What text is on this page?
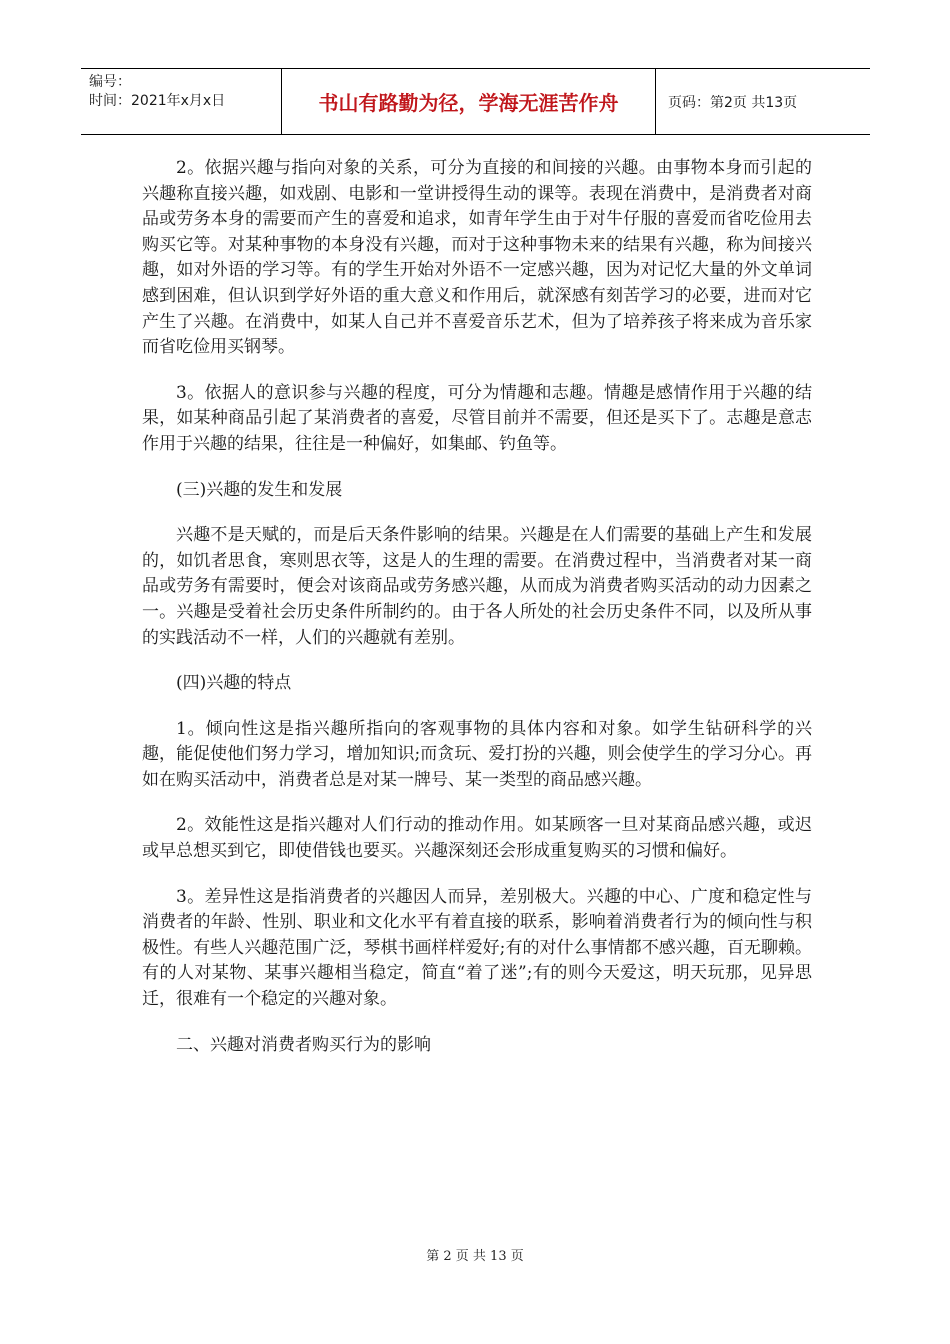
编号：
时间：2021年x月x日	书山有路勤为径，学海无涯苦作舟	页码：第2页 共13页

2。依据兴趣与指向对象的关系，可分为直接的和间接的兴趣。由事物本身而引起的兴趣称直接兴趣，如戏剧、电影和一堂讲授得生动的课等。表现在消费中，是消费者对商品或劳务本身的需要而产生的喜爱和追求，如青年学生由于对牛仔服的喜爱而省吃俭用去购买它等。对某种事物的本身没有兴趣，而对于这种事物未来的结果有兴趣，称为间接兴趣，如对外语的学习等。有的学生开始对外语不一定感兴趣，因为对记忆大量的外文单词感到困难，但认识到学好外语的重大意义和作用后，就深感有刻苦学习的必要，进而对它产生了兴趣。在消费中，如某人自己并不喜爱音乐艺术，但为了培养孩子将来成为音乐家而省吃俭用买钢琴。

3。依据人的意识参与兴趣的程度，可分为情趣和志趣。情趣是感情作用于兴趣的结果，如某种商品引起了某消费者的喜爱，尽管目前并不需要，但还是买下了。志趣是意志作用于兴趣的结果，往往是一种偏好，如集邮、钓鱼等。

(三)兴趣的发生和发展

兴趣不是天赋的，而是后天条件影响的结果。兴趣是在人们需要的基础上产生和发展的，如饥者思食，寒则思衣等，这是人的生理的需要。在消费过程中，当消费者对某一商品或劳务有需要时，便会对该商品或劳务感兴趣，从而成为消费者购买活动的动力因素之一。兴趣是受着社会历史条件所制约的。由于各人所处的社会历史条件不同，以及所从事的实践活动不一样，人们的兴趣就有差别。

(四)兴趣的特点

1。倾向性这是指兴趣所指向的客观事物的具体内容和对象。如学生钻研科学的兴趣，能促使他们努力学习，增加知识;而贪玩、爱打扮的兴趣，则会使学生的学习分心。再如在购买活动中，消费者总是对某一牌号、某一类型的商品感兴趣。

2。效能性这是指兴趣对人们行动的推动作用。如某顾客一旦对某商品感兴趣，或迟或早总想买到它，即使借钱也要买。兴趣深刻还会形成重复购买的习惯和偏好。

3。差异性这是指消费者的兴趣因人而异，差别极大。兴趣的中心、广度和稳定性与消费者的年龄、性别、职业和文化水平有着直接的联系，影响着消费者行为的倾向性与积极性。有些人兴趣范围广泛，琴棋书画样样爱好;有的对什么事情都不感兴趣，百无聊赖。有的人对某物、某事兴趣相当稳定，简直“着了迷”;有的则今天爱这，明天玩那，见异思迁，很难有一个稳定的兴趣对象。

二、兴趣对消费者购买行为的影响

第 2 页 共 13 页
